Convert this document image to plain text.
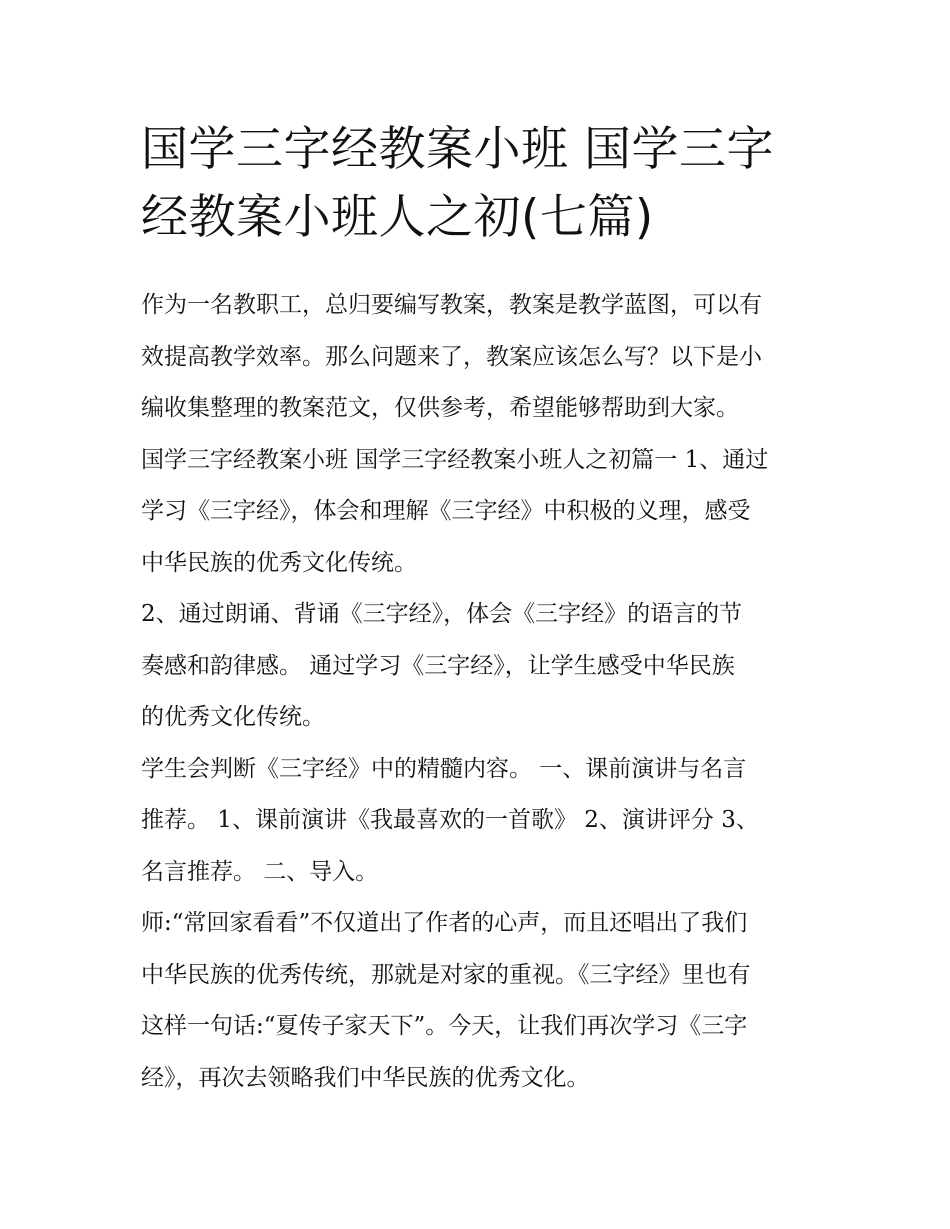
国学三字经教案小班 国学三字
经教案小班人之初(七篇)
作为一名教职工，总归要编写教案，教案是教学蓝图，可以有
效提高教学效率。那么问题来了，教案应该怎么写？以下是小
编收集整理的教案范文，仅供参考，希望能够帮助到大家。
国学三字经教案小班 国学三字经教案小班人之初篇一 1、通过
学习《三字经》，体会和理解《三字经》中积极的义理，感受
中华民族的优秀文化传统。
2、通过朗诵、背诵《三字经》，体会《三字经》的语言的节
奏感和韵律感。 通过学习《三字经》，让学生感受中华民族
的优秀文化传统。
学生会判断《三字经》中的精髓内容。 一、课前演讲与名言
推荐。 1、课前演讲《我最喜欢的一首歌》 2、演讲评分 3、
名言推荐。 二、导入。
师:“常回家看看”不仅道出了作者的心声，而且还唱出了我们
中华民族的优秀传统，那就是对家的重视。《三字经》里也有
这样一句话:“夏传子家天下”。今天，让我们再次学习《三字
经》，再次去领略我们中华民族的优秀文化。
